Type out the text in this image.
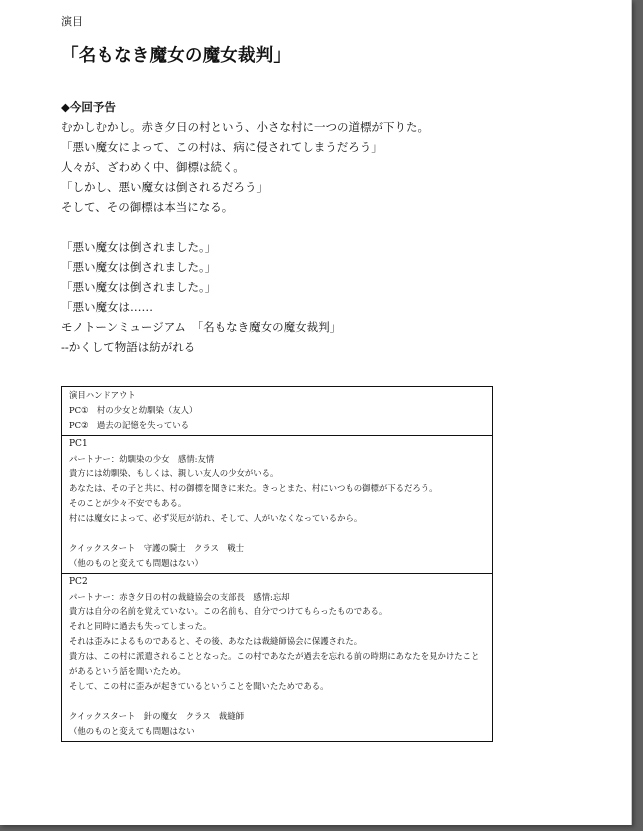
演目
「名もなき魔女の魔女裁判」
◆今回予告
むかしむかし。赤き夕日の村という、小さな村に一つの道標が下りた。
「悪い魔女によって、この村は、病に侵されてしまうだろう」
人々が、ざわめく中、御標は続く。
「しかし、悪い魔女は倒されるだろう」
そして、その御標は本当になる。
「悪い魔女は倒されました。」
「悪い魔女は倒されました。」
「悪い魔女は倒されました。」
「悪い魔女は……
モノトーンミュージアム　「名もなき魔女の魔女裁判」
--かくして物語は紡がれる
演目ハンドアウト
PC①　村の少女と幼馴染（友人）
PC②　過去の記憶を失っている
PC1
パートナー：幼馴染の少女　感情:友情
貴方には幼馴染、もしくは、親しい友人の少女がいる。
あなたは、その子と共に、村の御標を聞きに来た。きっとまた、村にいつもの御標が下るだろう。
そのことが少々不安でもある。
村には魔女によって、必ず災厄が訪れ、そして、人がいなくなっているから。
クイックスタート　守護の騎士　クラス　戦士
（他のものと変えても問題はない）
PC2
パートナー：赤き夕日の村の裁縫協会の支部長　感情:忘却
貴方は自分の名前を覚えていない。この名前も、自分でつけてもらったものである。
それと同時に過去も失ってしまった。
それは歪みによるものであると、その後、あなたは裁縫師協会に保護された。
貴方は、この村に派遣されることとなった。この村であなたが過去を忘れる前の時期にあなたを見かけたことがあるという話を聞いたため。
そして、この村に歪みが起きているということを聞いたためである。
クイックスタート　針の魔女　クラス　裁縫師
（他のものと変えても問題はない
